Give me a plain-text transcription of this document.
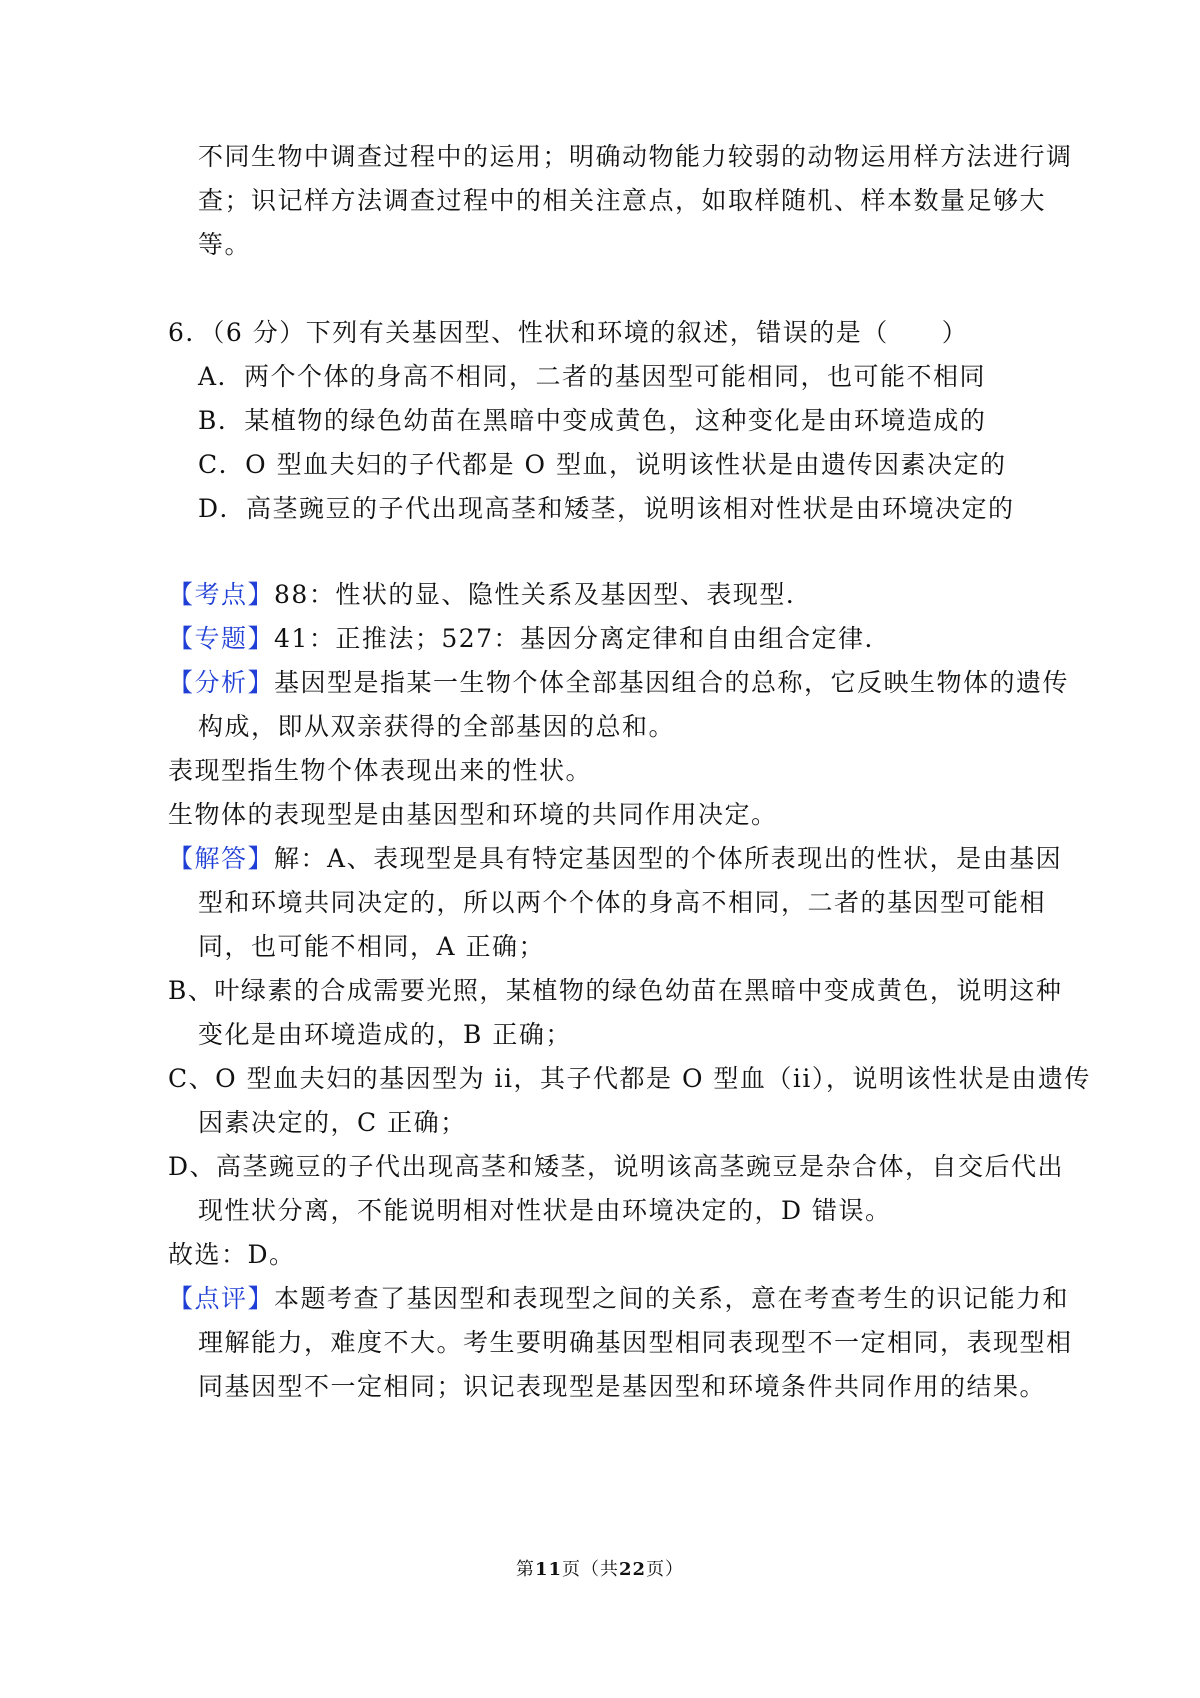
不同生物中调查过程中的运用；明确动物能力较弱的动物运用样方法进行调
查；识记样方法调查过程中的相关注意点，如取样随机、样本数量足够大
等。
6．（6 分）下列有关基因型、性状和环境的叙述，错误的是（　　）
A．两个个体的身高不相同，二者的基因型可能相同，也可能不相同
B．某植物的绿色幼苗在黑暗中变成黄色，这种变化是由环境造成的
C．O 型血夫妇的子代都是 O 型血，说明该性状是由遗传因素决定的
D．高茎豌豆的子代出现高茎和矮茎，说明该相对性状是由环境决定的
【考点】88：性状的显、隐性关系及基因型、表现型．
【专题】41：正推法；527：基因分离定律和自由组合定律．
【分析】基因型是指某一生物个体全部基因组合的总称，它反映生物体的遗传
构成，即从双亲获得的全部基因的总和。
表现型指生物个体表现出来的性状。
生物体的表现型是由基因型和环境的共同作用决定。
【解答】解：A、表现型是具有特定基因型的个体所表现出的性状，是由基因
型和环境共同决定的，所以两个个体的身高不相同，二者的基因型可能相
同，也可能不相同，A 正确；
B、叶绿素的合成需要光照，某植物的绿色幼苗在黑暗中变成黄色，说明这种
变化是由环境造成的，B 正确；
C、O 型血夫妇的基因型为 ii，其子代都是 O 型血（ii），说明该性状是由遗传
因素决定的，C 正确；
D、高茎豌豆的子代出现高茎和矮茎，说明该高茎豌豆是杂合体，自交后代出
现性状分离，不能说明相对性状是由环境决定的，D 错误。
故选：D。
【点评】本题考查了基因型和表现型之间的关系，意在考查考生的识记能力和
理解能力，难度不大。考生要明确基因型相同表现型不一定相同，表现型相
同基因型不一定相同；识记表现型是基因型和环境条件共同作用的结果。
第11页（共22页）
